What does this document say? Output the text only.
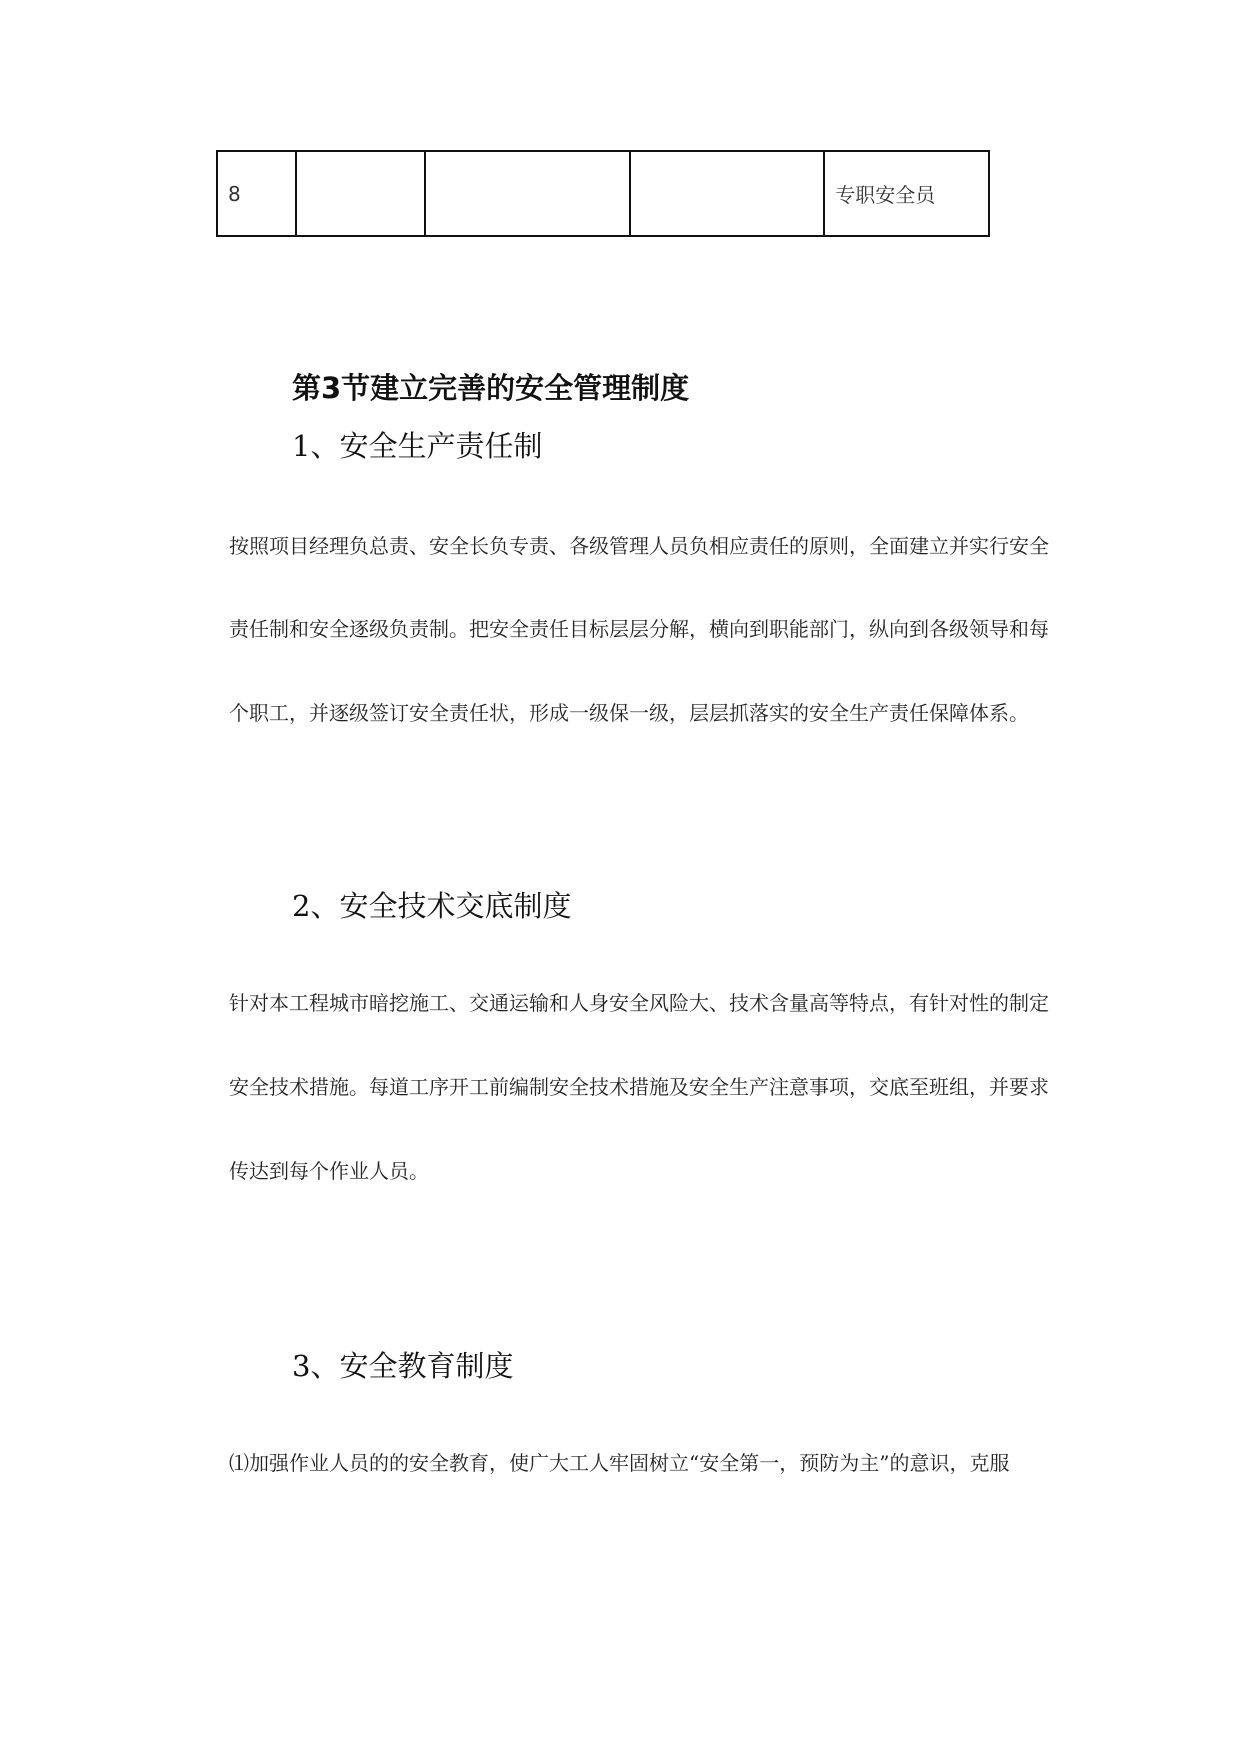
8				专职安全员
第3节建立完善的安全管理制度
1、安全生产责任制
按照项目经理负总责、安全长负专责、各级管理人员负相应责任的原则，全面建立并实行安全
责任制和安全逐级负责制。把安全责任目标层层分解，横向到职能部门，纵向到各级领导和每
个职工，并逐级签订安全责任状，形成一级保一级，层层抓落实的安全生产责任保障体系。
2、安全技术交底制度
针对本工程城市暗挖施工、交通运输和人身安全风险大、技术含量高等特点，有针对性的制定
安全技术措施。每道工序开工前编制安全技术措施及安全生产注意事项，交底至班组，并要求
传达到每个作业人员。
3、安全教育制度
⑴加强作业人员的的安全教育，使广大工人牢固树立“安全第一，预防为主”的意识，克服
